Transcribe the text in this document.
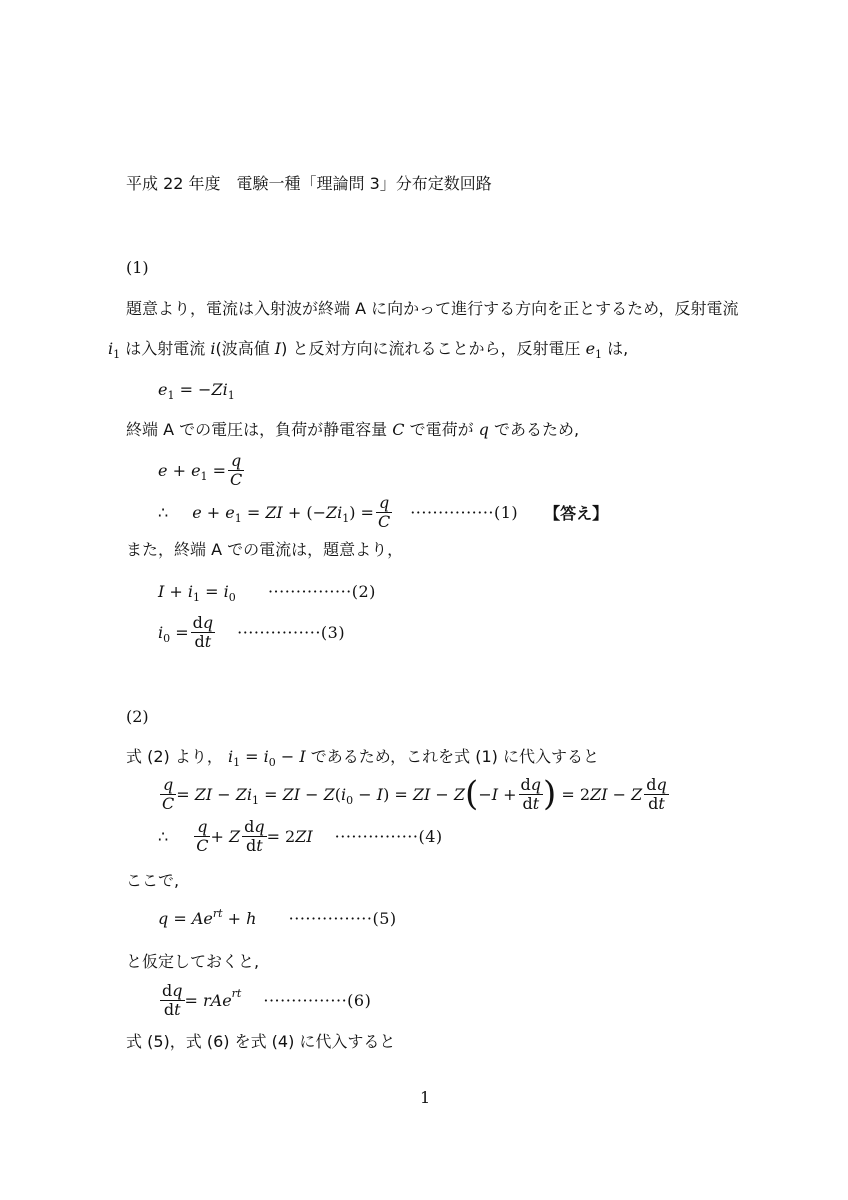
平成 22 年度　電験一種「理論問 3」分布定数回路
(1)
題意より，電流は入射波が終端 A に向かって進行する方向を正とするため，反射電流
$i_1$ は入射電流 i(波高値 I) と反対方向に流れることから，反射電圧 $e_1$ は,
$e_1 = -Zi_1$
終端 A での電圧は，負荷が静電容量 C で電荷が q であるため,
e
+
$e_1$
= $\frac{q}{C}$
∴ e
+
$e_1$
=
ZI
+ (− $Zi_1$ ) = $\frac{q}{C} \cdot\cdot\cdot\cdot\cdot\cdot\cdot\cdot\cdot\cdot\cdot\cdot\cdot\cdot\cdot(1)$ 【答え】
また，終端 A での電流は，題意より，
$I + i_1 = i_0 \cdot\cdot\cdot\cdot\cdot\cdot\cdot\cdot\cdot\cdot\cdot\cdot\cdot\cdot\cdot(2)$
$i_0$
= $\frac{dq}{dt} \cdot\cdot\cdot\cdot\cdot\cdot\cdot\cdot\cdot\cdot\cdot\cdot\cdot\cdot\cdot(3)$
(2)
式 (2) より， $i_1 = i_0 - I$ であるため，これを式 (1) に代入すると
$\frac{q}{C}$ = ZI
−
$Zi_1$
=
ZI
−
Z ( $i_0$
−
I ) =
ZI
−
Z ( − I
+ $\frac{dq}{dt}$ ) = 2 ZI
−
Z $\frac{dq}{dt}$
∴ $\frac{q}{C}$ +
Z $\frac{dq}{dt} = 2$ ZI ···············(4)
ここで,
$q = Ae^{rt} + h \cdot\cdot\cdot\cdot\cdot\cdot\cdot\cdot\cdot\cdot\cdot\cdot\cdot\cdot\cdot(5)$
と仮定しておくと,
$\frac{dq}{dt}$ = rAe rt ···············(6)
式 (5)，式 (6) を式 (4) に代入すると
1
